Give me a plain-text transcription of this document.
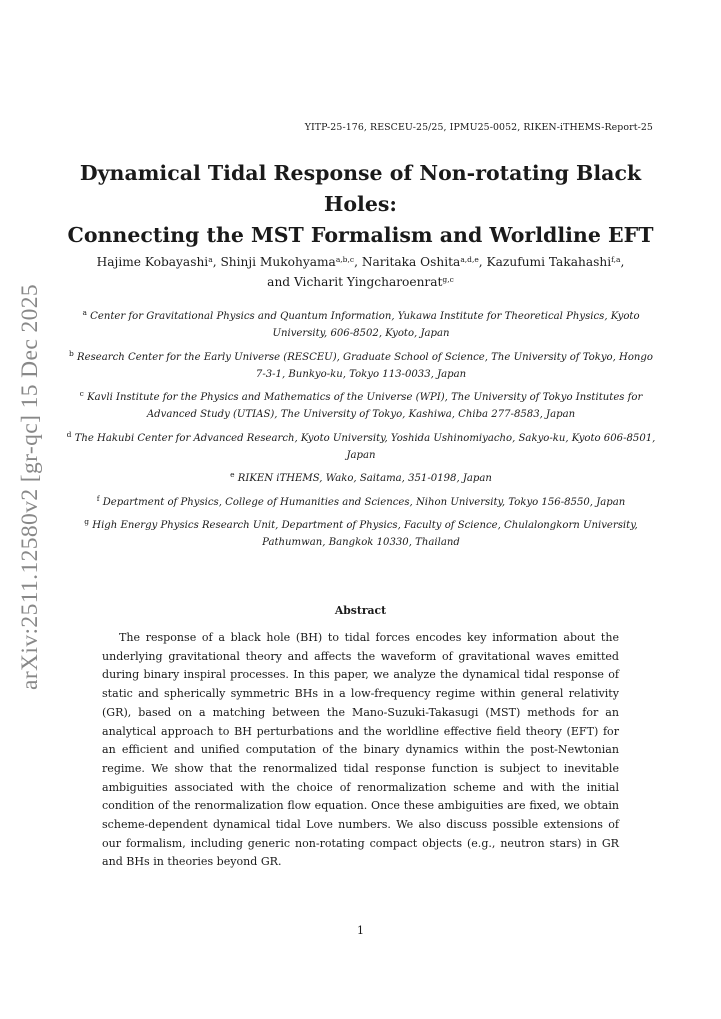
arXiv:2511.12580v2 [gr-qc] 15 Dec 2025
YITP-25-176, RESCEU-25/25, IPMU25-0052, RIKEN-iTHEMS-Report-25
Dynamical Tidal Response of Non-rotating Black Holes:
Connecting the MST Formalism and Worldline EFT
Hajime Kobayashi$^a$, Shinji Mukohyama$^{a,b,c}$, Naritaka Oshita$^{a,d,e}$, Kazufumi Takahashi$^{f,a}$,
and Vicharit Yingcharoenrat$^{g,c}$

$^a$ Center for Gravitational Physics and Quantum Information, Yukawa Institute for Theoretical Physics, Kyoto University, 606-8502, Kyoto, Japan

$^b$ Research Center for the Early Universe (RESCEU), Graduate School of Science, The University of Tokyo, Hongo 7-3-1, Bunkyo-ku, Tokyo 113-0033, Japan

$^c$ Kavli Institute for the Physics and Mathematics of the Universe (WPI), The University of Tokyo Institutes for Advanced Study (UTIAS), The University of Tokyo, Kashiwa, Chiba 277-8583, Japan

$^d$ The Hakubi Center for Advanced Research, Kyoto University, Yoshida Ushinomiyacho, Sakyo-ku, Kyoto 606-8501, Japan

$^e$ RIKEN iTHEMS, Wako, Saitama, 351-0198, Japan

$^f$ Department of Physics, College of Humanities and Sciences, Nihon University, Tokyo 156-8550, Japan

$^g$ High Energy Physics Research Unit, Department of Physics, Faculty of Science, Chulalongkorn University, Pathumwan, Bangkok 10330, Thailand

Abstract

The response of a black hole (BH) to tidal forces encodes key information about the underlying gravitational theory and affects the waveform of gravitational waves emitted during binary inspiral processes. In this paper, we analyze the dynamical tidal response of static and spherically symmetric BHs in a low-frequency regime within general relativity (GR), based on a matching between the Mano-Suzuki-Takasugi (MST) methods for an analytical approach to BH perturbations and the worldline effective field theory (EFT) for an efficient and unified computation of the binary dynamics within the post-Newtonian regime. We show that the renormalized tidal response function is subject to inevitable ambiguities associated with the choice of renormalization scheme and with the initial condition of the renormalization flow equation. Once these ambiguities are fixed, we obtain scheme-dependent dynamical tidal Love numbers. We also discuss possible extensions of our formalism, including generic non-rotating compact objects (e.g., neutron stars) in GR and BHs in theories beyond GR.

1
